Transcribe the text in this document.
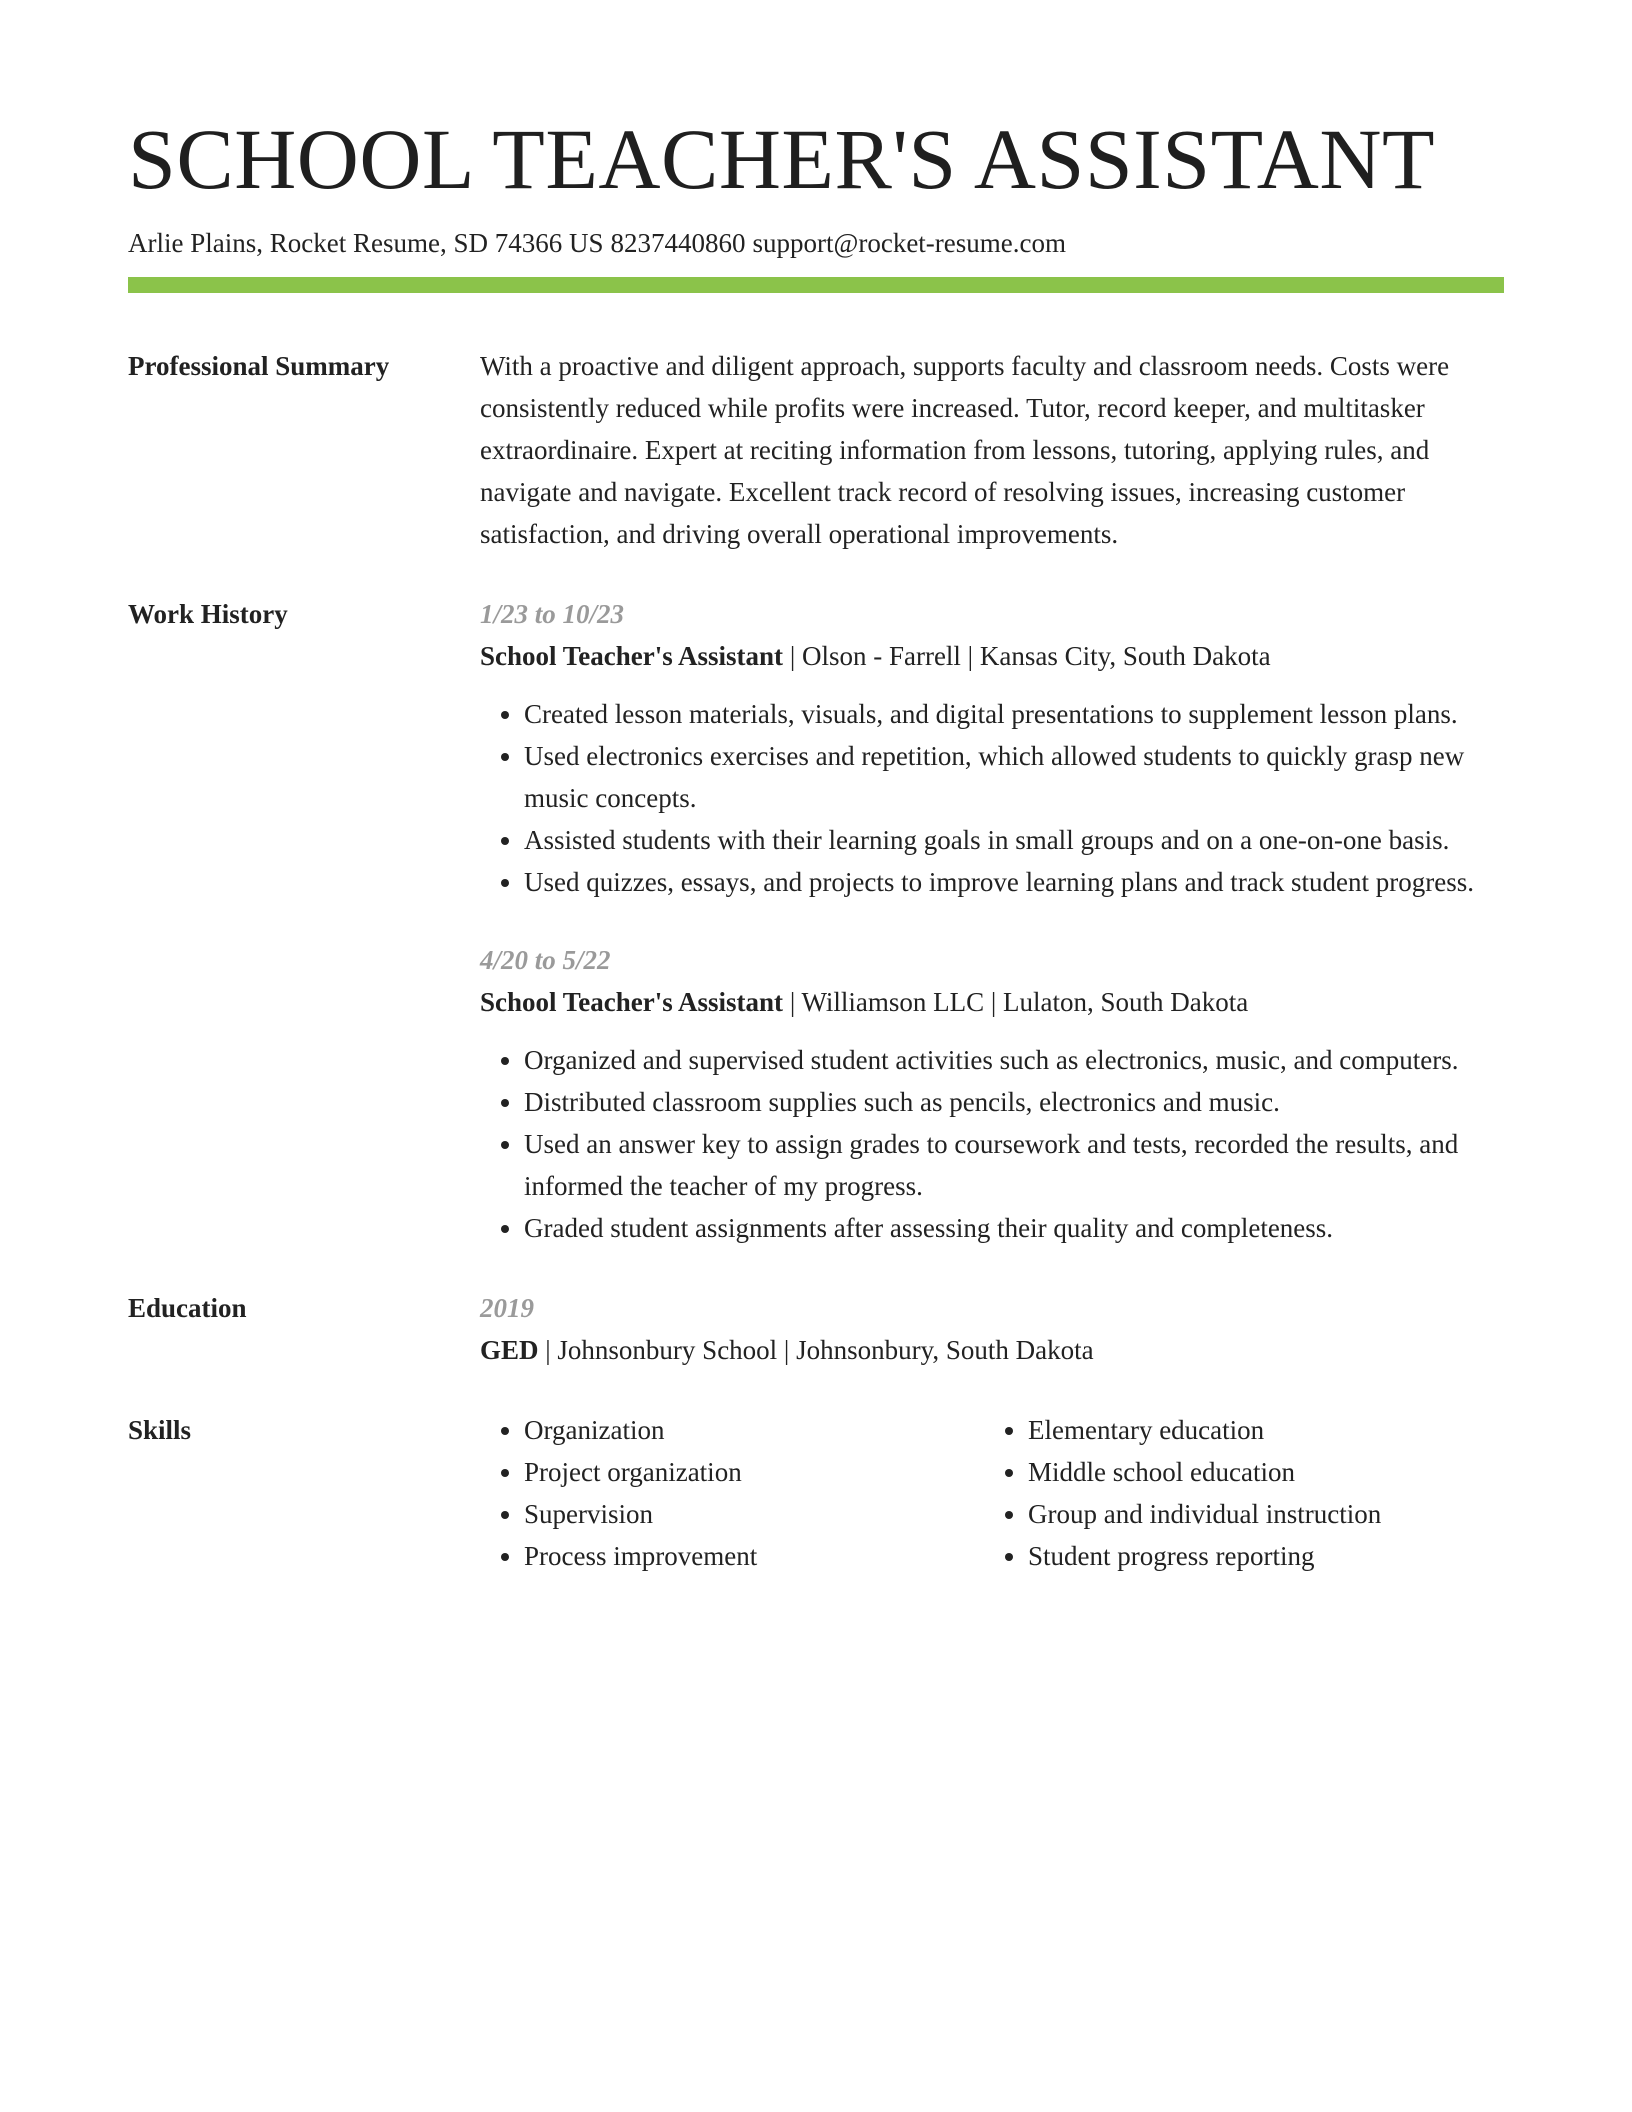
SCHOOL TEACHER'S ASSISTANT
Arlie Plains, Rocket Resume, SD 74366 US 8237440860 support@rocket-resume.com
Professional Summary	With a proactive and diligent approach, supports faculty and classroom needs. Costs were consistently reduced while profits were increased. Tutor, record keeper, and multitasker extraordinaire. Expert at reciting information from lessons, tutoring, applying rules, and navigate and navigate. Excellent track record of resolving issues, increasing customer satisfaction, and driving overall operational improvements.

Work History	1/23 to 10/23
School Teacher's Assistant | Olson - Farrell | Kansas City, South Dakota
• Created lesson materials, visuals, and digital presentations to supplement lesson plans.
• Used electronics exercises and repetition, which allowed students to quickly grasp new music concepts.
• Assisted students with their learning goals in small groups and on a one-on-one basis.
• Used quizzes, essays, and projects to improve learning plans and track student progress.
4/20 to 5/22
School Teacher's Assistant | Williamson LLC | Lulaton, South Dakota
• Organized and supervised student activities such as electronics, music, and computers.
• Distributed classroom supplies such as pencils, electronics and music.
• Used an answer key to assign grades to coursework and tests, recorded the results, and informed the teacher of my progress.
• Graded student assignments after assessing their quality and completeness.
Education	2019
GED | Johnsonbury School | Johnsonbury, South Dakota
Skills
•	Organization
• Project organization
• Supervision
• Process improvement
• Elementary education
• Middle school education
• Group and individual instruction
• Student progress reporting
